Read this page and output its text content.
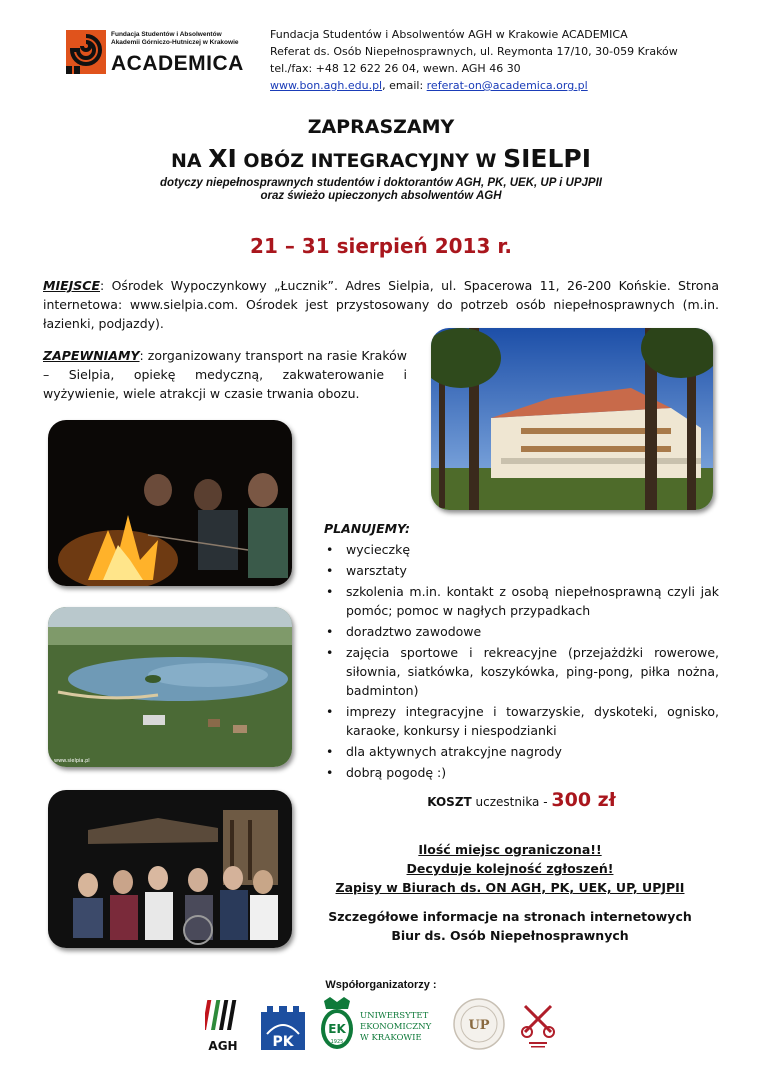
Fundacja Studentów i Absolwentów
Akademii Górniczo-Hutniczej w Krakowie
ACADEMICA
Fundacja Studentów i Absolwentów AGH w Krakowie ACADEMICA
Referat ds. Osób Niepełnosprawnych, ul. Reymonta 17/10, 30-059 Kraków
tel./fax: +48 12 622 26 04, wewn. AGH 46 30
www.bon.agh.edu.pl, email: referat-on@academica.org.pl
ZAPRASZAMY
NA XI OBÓZ INTEGRACYJNY W SIELPI
dotyczy niepełnosprawnych studentów i doktorantów AGH, PK, UEK, UP i UPJPII
oraz świeżo upieczonych absolwentów AGH
21 – 31 sierpień 2013 r.
MIEJSCE: Ośrodek Wypoczynkowy „Łucznik”. Adres Sielpia, ul. Spacerowa 11, 26-200 Końskie. Strona internetowa: www.sielpia.com. Ośrodek jest przystosowany do potrzeb osób niepełnosprawnych (m.in. łazienki, podjazdy).
ZAPEWNIAMY: zorganizowany transport na rasie Kraków – Sielpia, opiekę medyczną, zakwaterowanie i wyżywienie, wiele atrakcji w czasie trwania obozu.
www.sielpia.pl
PLANUJEMY:
• wycieczkę
• warsztaty
• szkolenia m.in. kontakt z osobą niepełnosprawną czyli jak pomóc; pomoc w nagłych przypadkach
• doradztwo zawodowe
• zajęcia sportowe i rekreacyjne (przejażdżki rowerowe, siłownia, siatkówka, koszykówka, ping-pong, piłka nożna, badminton)
• imprezy integracyjne i towarzyskie, dyskoteki, ognisko, karaoke, konkursy i niespodzianki
• dla aktywnych atrakcyjne nagrody
• dobrą pogodę :)
KOSZT uczestnika - 300 zł
Ilość miejsc ograniczona!!
Decyduje kolejność zgłoszeń!
Zapisy w Biurach ds. ON AGH, PK, UEK, UP, UPJPII
Szczegółowe informacje na stronach internetowych
Biur ds. Osób Niepełnosprawnych
Współorganizatorzy :
AGH PK
EK
1925
UNIWERSYTET
EKONOMICZNY
W KRAKOWIE
UP
